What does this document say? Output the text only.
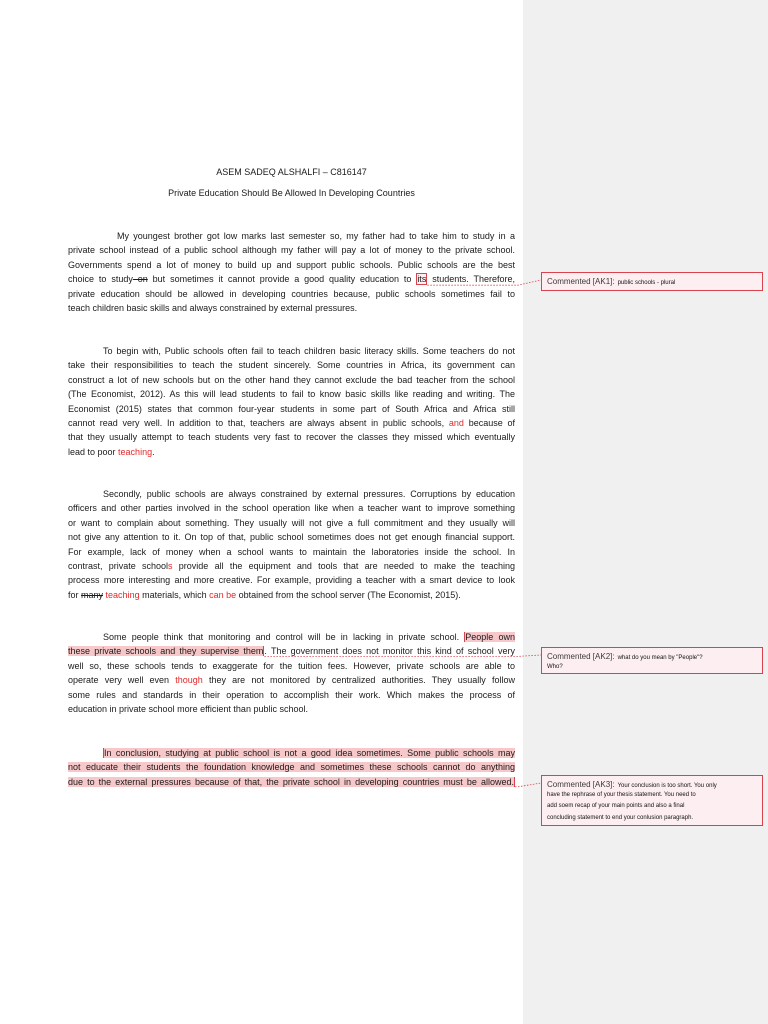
ASEM SADEQ ALSHALFI – C816147
Private Education Should Be Allowed In Developing Countries
My youngest brother got low marks last semester so, my father had to take him to study in a
private school instead of a public school although my father will pay a lot of money to the private school.
Governments spend a lot of money to build up and support public schools. Public schools are the best
choice to study on but sometimes it cannot provide a good quality education to its students. Therefore,
private education should be allowed in developing countries because, public schools sometimes fail to
teach children basic skills and always constrained by external pressures.
To begin with, Public schools often fail to teach children basic literacy skills. Some teachers do not
take their responsibilities to teach the student sincerely. Some countries in Africa, its government can
construct a lot of new schools but on the other hand they cannot exclude the bad teacher from the school
(The Economist, 2012). As this will lead students to fail to know basic skills like reading and writing. The
Economist (2015) states that common four-year students in some part of South Africa and Africa still
cannot read very well. In addition to that, teachers are always absent in public schools, and because of
that they usually attempt to teach students very fast to recover the classes they missed which eventually
lead to poor teaching.
Secondly, public schools are always constrained by external pressures. Corruptions by education
officers and other parties involved in the school operation like when a teacher want to improve something
or want to complain about something. They usually will not give a full commitment and they usually will
not give any attention to it. On top of that, public school sometimes does not get enough financial support.
For example, lack of money when a school wants to maintain the laboratories inside the school. In
contrast, private schools provide all the equipment and tools that are needed to make the teaching
process more interesting and more creative. For example, providing a teacher with a smart device to look
for many teaching materials, which can be obtained from the school server (The Economist, 2015).
Some people think that monitoring and control will be in lacking in private school. People own
these private schools and they supervise them. The government does not monitor this kind of school very
well so, these schools tends to exaggerate for the tuition fees. However, private schools are able to
operate very well even though they are not monitored by centralized authorities. They usually follow
some rules and standards in their operation to accomplish their work. Which makes the process of
education in private school more efficient than public school.
In conclusion, studying at public school is not a good idea sometimes. Some public schools may
not educate their students the foundation knowledge and sometimes these schools cannot do anything
due to the external pressures because of that, the private school in developing countries must be allowed.
Commented [AK1]: public schools - plural
Commented [AK2]: what do you mean by "People"?
Who?
Commented [AK3]: Your conclusion is too short. You only
have the rephrase of your thesis statement. You need to
add soem recap of your main points and also a final
concluding statement to end your conlusion paragraph.
